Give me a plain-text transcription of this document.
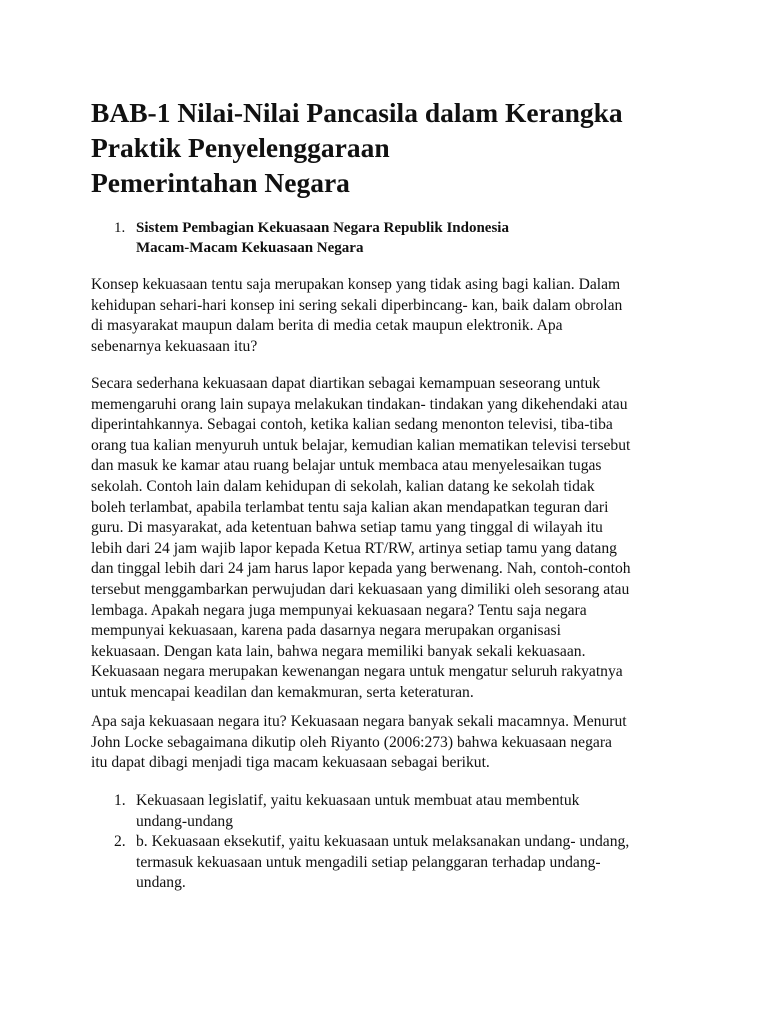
BAB-1 Nilai-Nilai Pancasila dalam Kerangka
Praktik Penyelenggaraan
Pemerintahan Negara
1. Sistem Pembagian Kekuasaan Negara Republik Indonesia
Macam-Macam Kekuasaan Negara
Konsep kekuasaan tentu saja merupakan konsep yang tidak asing bagi kalian. Dalam
kehidupan sehari-hari konsep ini sering sekali diperbincang- kan, baik dalam obrolan
di masyarakat maupun dalam berita di media cetak maupun elektronik. Apa
sebenarnya kekuasaan itu?
Secara sederhana kekuasaan dapat diartikan sebagai kemampuan seseorang untuk
memengaruhi orang lain supaya melakukan tindakan- tindakan yang dikehendaki atau
diperintahkannya. Sebagai contoh, ketika kalian sedang menonton televisi, tiba-tiba
orang tua kalian menyuruh untuk belajar, kemudian kalian mematikan televisi tersebut
dan masuk ke kamar atau ruang belajar untuk membaca atau menyelesaikan tugas
sekolah. Contoh lain dalam kehidupan di sekolah, kalian datang ke sekolah tidak
boleh terlambat, apabila terlambat tentu saja kalian akan mendapatkan teguran dari
guru. Di masyarakat, ada ketentuan bahwa setiap tamu yang tinggal di wilayah itu
lebih dari 24 jam wajib lapor kepada Ketua RT/RW, artinya setiap tamu yang datang
dan tinggal lebih dari 24 jam harus lapor kepada yang berwenang. Nah, contoh-contoh
tersebut menggambarkan perwujudan dari kekuasaan yang dimiliki oleh sesorang atau
lembaga. Apakah negara juga mempunyai kekuasaan negara? Tentu saja negara
mempunyai kekuasaan, karena pada dasarnya negara merupakan organisasi
kekuasaan. Dengan kata lain, bahwa negara memiliki banyak sekali kekuasaan.
Kekuasaan negara merupakan kewenangan negara untuk mengatur seluruh rakyatnya
untuk mencapai keadilan dan kemakmuran, serta keteraturan.
Apa saja kekuasaan negara itu? Kekuasaan negara banyak sekali macamnya. Menurut
John Locke sebagaimana dikutip oleh Riyanto (2006:273) bahwa kekuasaan negara
itu dapat dibagi menjadi tiga macam kekuasaan sebagai berikut.
1. Kekuasaan legislatif, yaitu kekuasaan untuk membuat atau membentuk
undang-undang
2. b. Kekuasaan eksekutif, yaitu kekuasaan untuk melaksanakan undang- undang,
termasuk kekuasaan untuk mengadili setiap pelanggaran terhadap undang-
undang.
